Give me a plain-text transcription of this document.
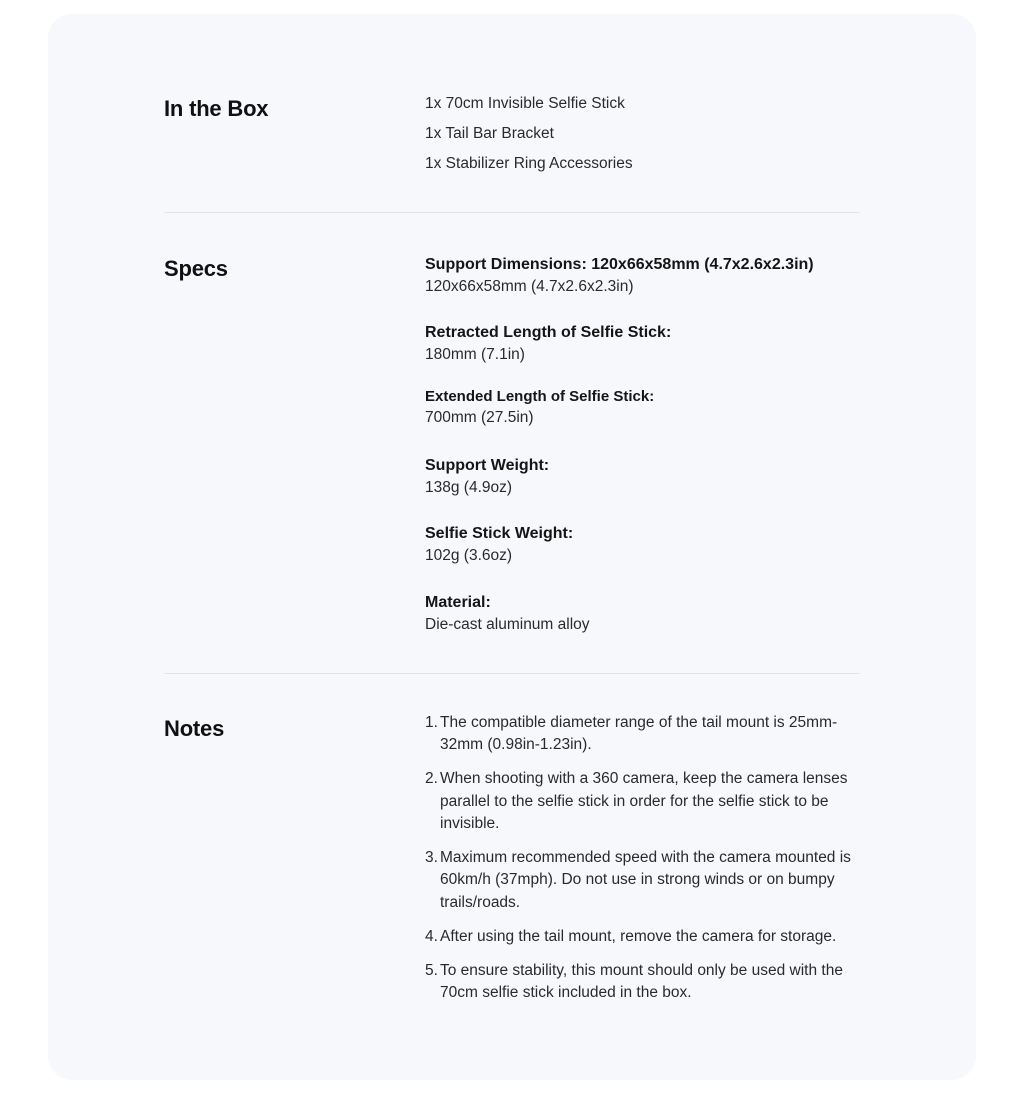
In the Box	1x 70cm Invisible Selfie Stick
1x Tail Bar Bracket
1x Stabilizer Ring Accessories
Specs	Support Dimensions: 120x66x58mm (4.7x2.6x2.3in)
120x66x58mm (4.7x2.6x2.3in)
Retracted Length of Selfie Stick:
180mm (7.1in)
Extended Length of Selfie Stick:
700mm (27.5in)
Support Weight:
138g (4.9oz)
Selfie Stick Weight:
102g (3.6oz)
Material:
Die-cast aluminum alloy
Notes	1. The compatible diameter range of the tail mount is 25mm-32mm (0.98in-1.23in).
2. When shooting with a 360 camera, keep the camera lenses parallel to the selfie stick in order for the selfie stick to be invisible.
3. Maximum recommended speed with the camera mounted is 60km/h (37mph). Do not use in strong winds or on bumpy trails/roads.
4. After using the tail mount, remove the camera for storage.
5. To ensure stability, this mount should only be used with the 70cm selfie stick included in the box.
